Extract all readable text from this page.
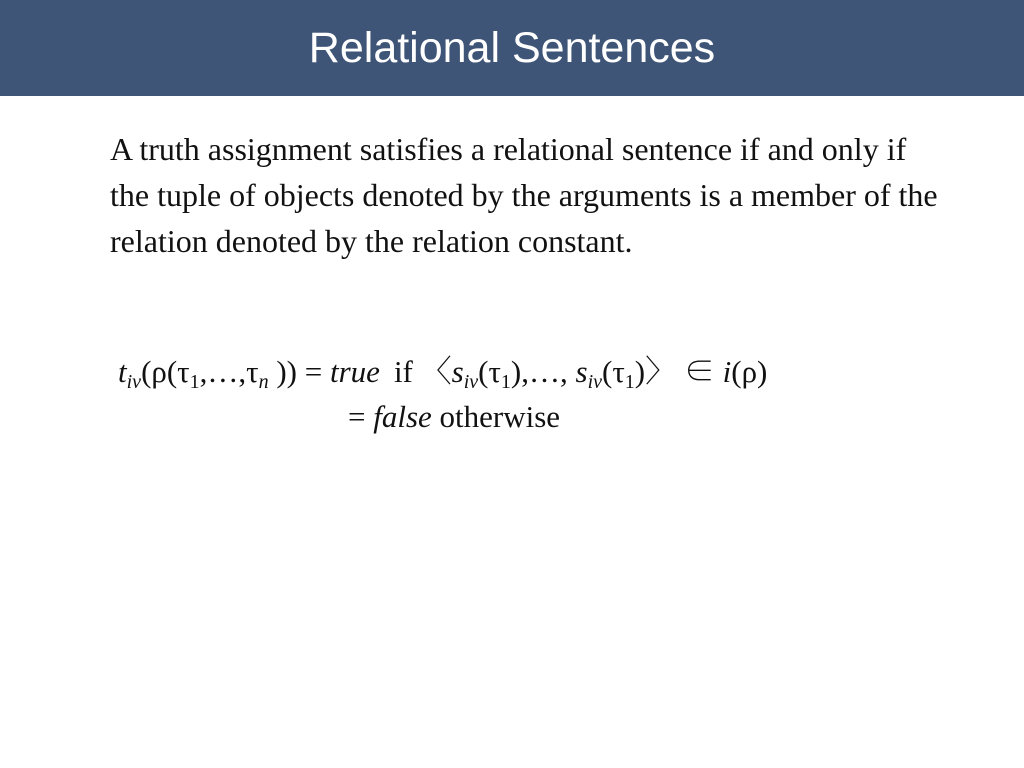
Relational Sentences

A truth assignment satisfies a relational sentence if and only if the tuple of objects denoted by the arguments is a member of the relation denoted by the relation constant.

$t_{iv}(\rho(\tau_1,\dots,\tau_n$ )) = true if 〈$s_{iv}(\tau_1),\dots$, $s_{iv}(\tau_1)$〉 ∈ i(ρ)
= false otherwise
